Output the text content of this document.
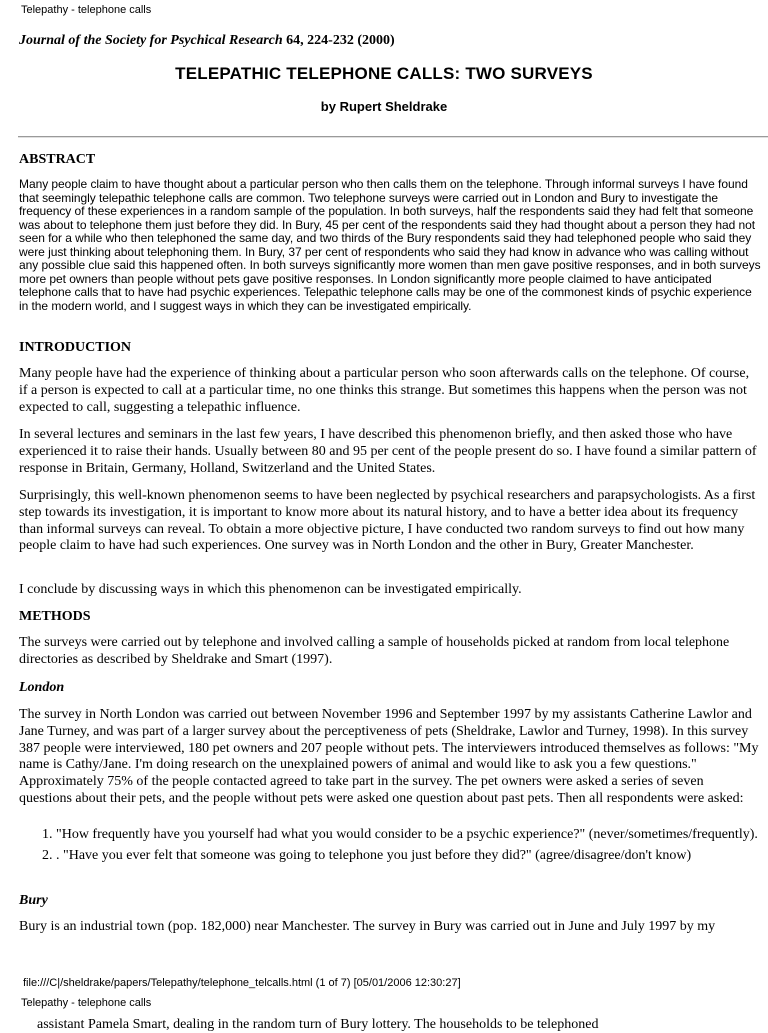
Telepathy - telephone calls
Journal of the Society for Psychical Research 64, 224-232 (2000)
TELEPATHIC TELEPHONE CALLS: TWO SURVEYS
by Rupert Sheldrake
ABSTRACT
Many people claim to have thought about a particular person who then calls them on the telephone. Through informal surveys I have found that seemingly telepathic telephone calls are common. Two telephone surveys were carried out in London and Bury to investigate the frequency of these experiences in a random sample of the population. In both surveys, half the respondents said they had felt that someone was about to telephone them just before they did. In Bury, 45 per cent of the respondents said they had thought about a person they had not seen for a while who then telephoned the same day, and two thirds of the Bury respondents said they had telephoned people who said they were just thinking about telephoning them. In Bury, 37 per cent of respondents who said they had know in advance who was calling without any possible clue said this happened often. In both surveys significantly more women than men gave positive responses, and in both surveys more pet owners than people without pets gave positive responses. In London significantly more people claimed to have anticipated telephone calls that to have had psychic experiences. Telepathic telephone calls may be one of the commonest kinds of psychic experience in the modern world, and I suggest ways in which they can be investigated empirically.
INTRODUCTION
Many people have had the experience of thinking about a particular person who soon afterwards calls on the telephone. Of course, if a person is expected to call at a particular time, no one thinks this strange. But sometimes this happens when the person was not expected to call, suggesting a telepathic influence.
In several lectures and seminars in the last few years, I have described this phenomenon briefly, and then asked those who have experienced it to raise their hands. Usually between 80 and 95 per cent of the people present do so. I have found a similar pattern of response in Britain, Germany, Holland, Switzerland and the United States.
Surprisingly, this well-known phenomenon seems to have been neglected by psychical researchers and parapsychologists. As a first step towards its investigation, it is important to know more about its natural history, and to have a better idea about its frequency than informal surveys can reveal. To obtain a more objective picture, I have conducted two random surveys to find out how many people claim to have had such experiences. One survey was in North London and the other in Bury, Greater Manchester.
I conclude by discussing ways in which this phenomenon can be investigated empirically.
METHODS
The surveys were carried out by telephone and involved calling a sample of households picked at random from local telephone directories as described by Sheldrake and Smart (1997).
London
The survey in North London was carried out between November 1996 and September 1997 by my assistants Catherine Lawlor and Jane Turney, and was part of a larger survey about the perceptiveness of pets (Sheldrake, Lawlor and Turney, 1998). In this survey 387 people were interviewed, 180 pet owners and 207 people without pets. The interviewers introduced themselves as follows: "My name is Cathy/Jane. I'm doing research on the unexplained powers of animal and would like to ask you a few questions." Approximately 75% of the people contacted agreed to take part in the survey. The pet owners were asked a series of seven questions about their pets, and the people without pets were asked one question about past pets. Then all respondents were asked:
1. "How frequently have you yourself had what you would consider to be a psychic experience?" (never/sometimes/frequently).
2. . "Have you ever felt that someone was going to telephone you just before they did?" (agree/disagree/don't know)
Bury
Bury is an industrial town (pop. 182,000) near Manchester. The survey in Bury was carried out in June and July 1997 by my
file:///C|/sheldrake/papers/Telepathy/telephone_telcalls.html (1 of 7) [05/01/2006 12:30:27]
Telepathy - telephone calls
assistant Pamela Smart, dealing in the random turn of Bury lottery. The households to be telephoned
